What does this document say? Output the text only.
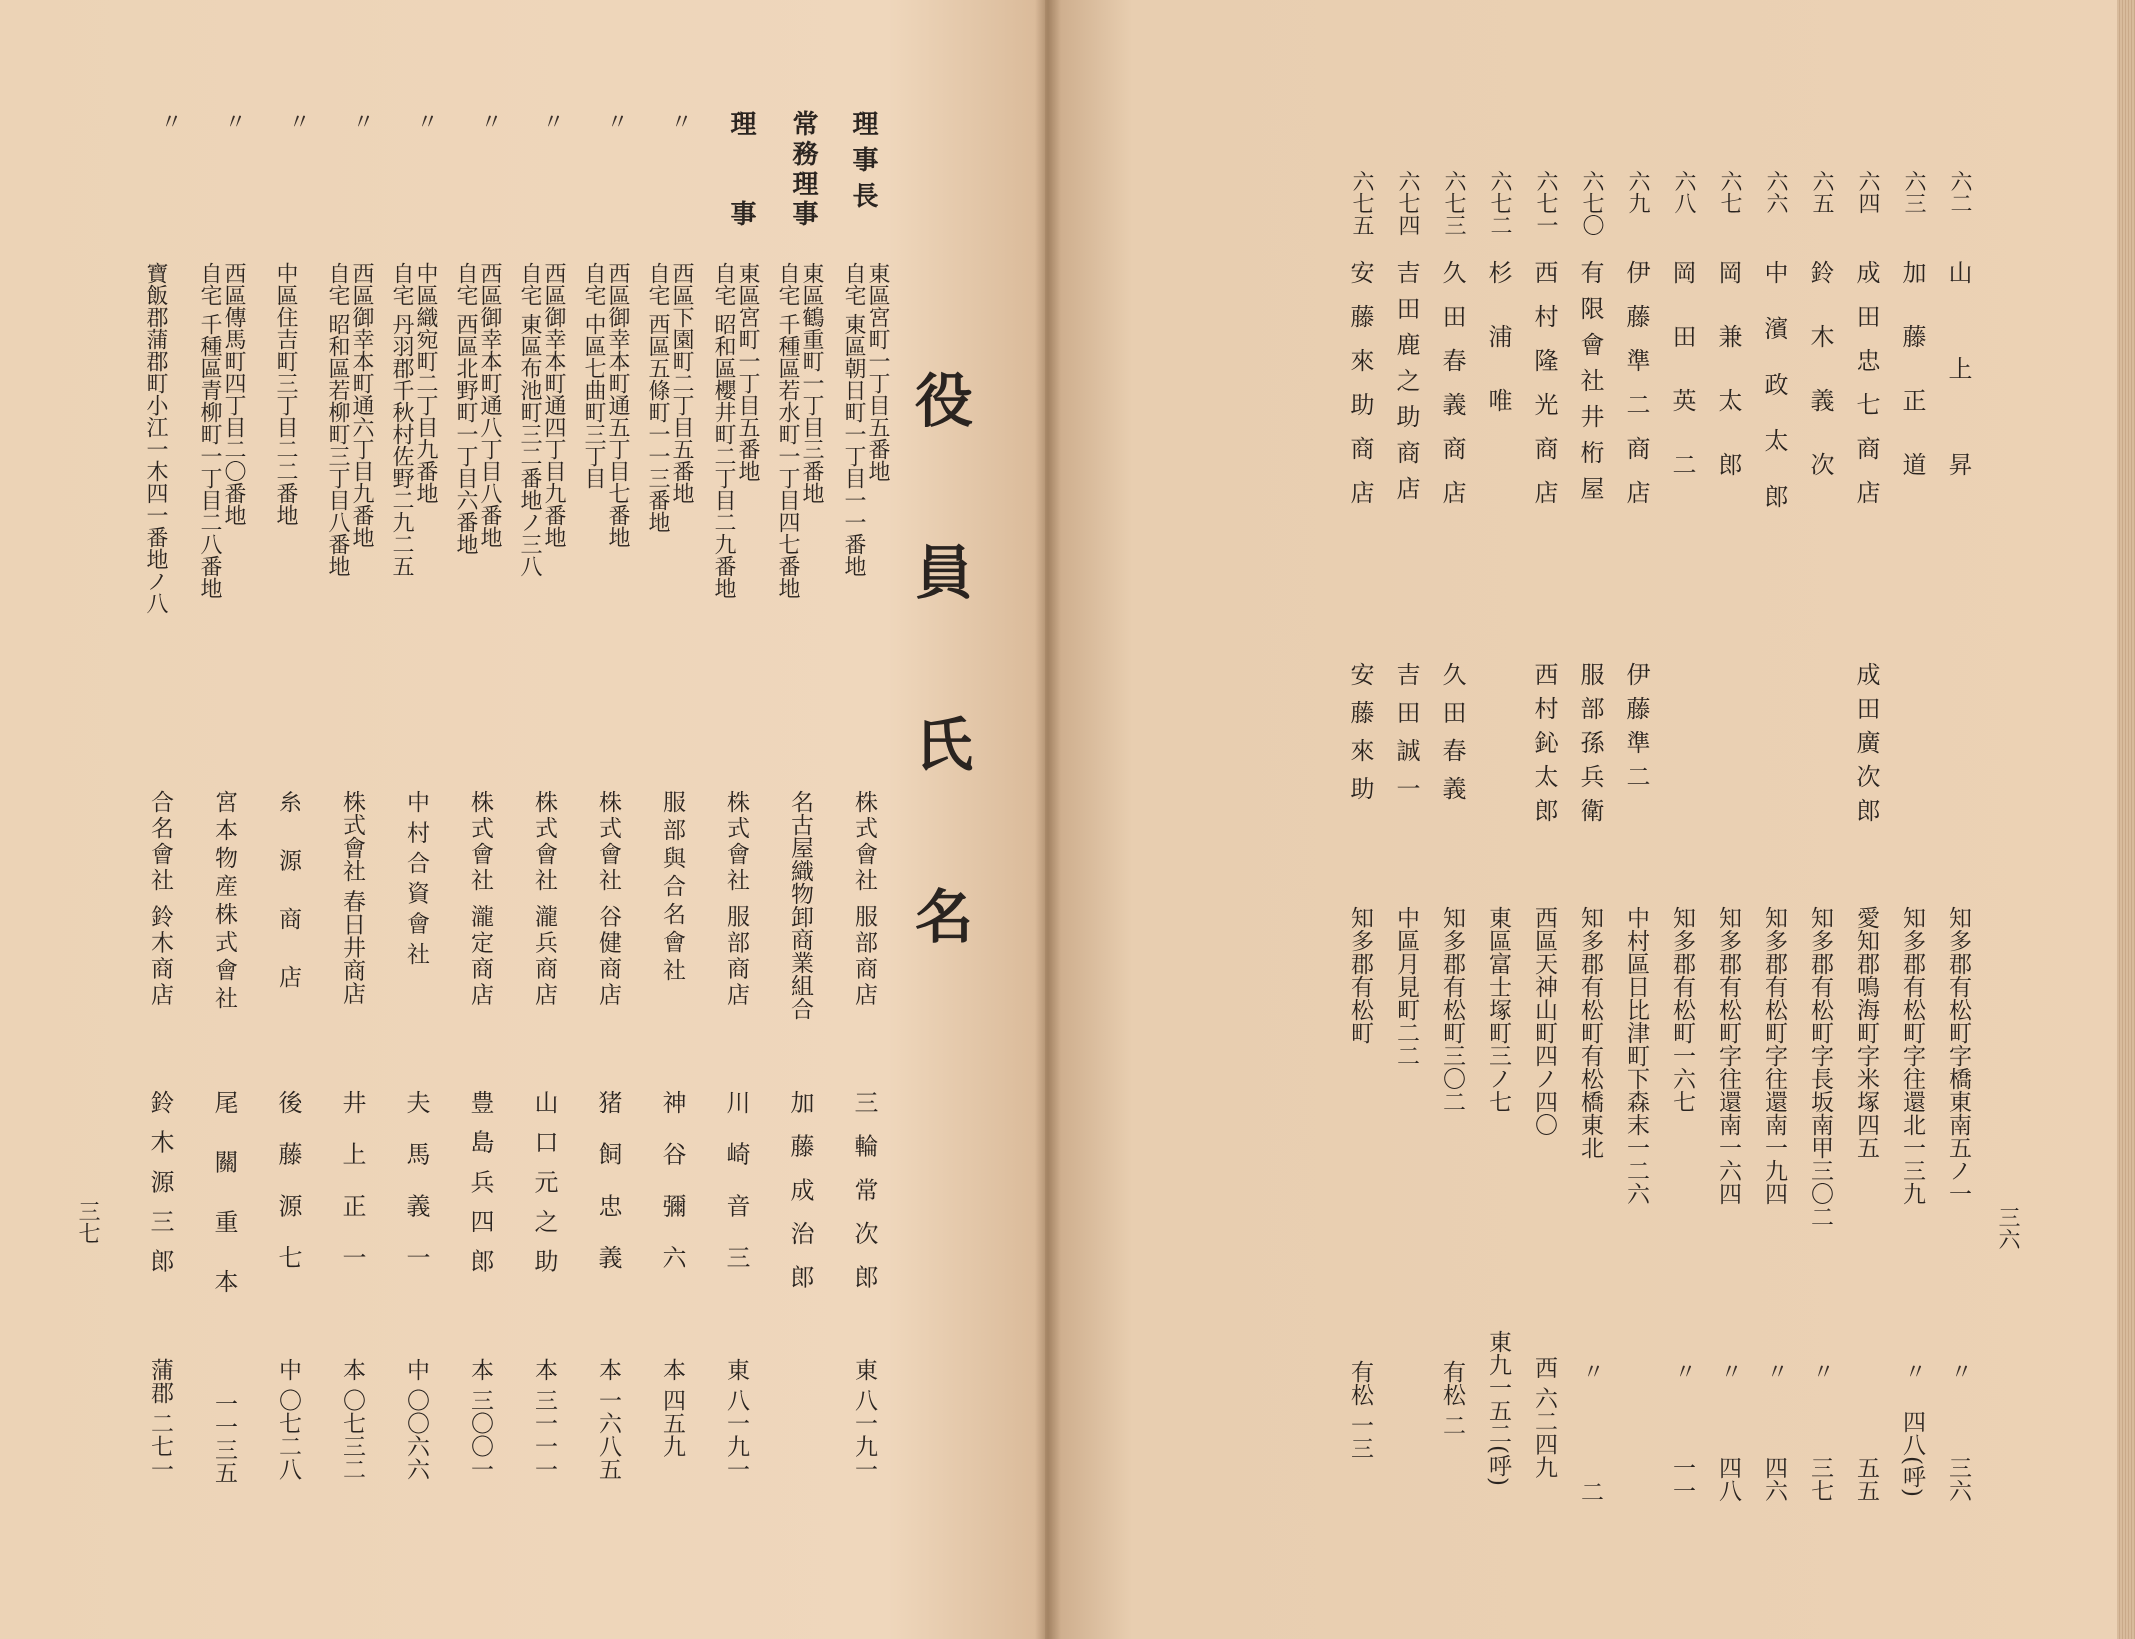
役　員　氏　名
理事長
常務理事
理　　事
〃
〃
〃
〃
〃
〃
〃
〃
〃
東區宮町一丁目五番地
自宅 東區朝日町一丁目一一番地
東區鶴重町一丁目三番地
自宅 千種區若水町一丁目四七番地
東區宮町一丁目五番地
自宅 昭和區櫻井町二丁目二九番地
西區下園町二丁目五番地
自宅 西區五條町一一三番地
西區御幸本町通五丁目七番地
自宅 中區七曲町三丁目
西區御幸本町通四丁目九番地
自宅 東區布池町三二番地ノ三八
西區御幸本町通八丁目八番地
自宅 西區北野町一丁目六番地
中區織宛町二丁目九番地
自宅 丹羽郡千秋村佐野二九二五
西區御幸本町通六丁目九番地
自宅 昭和區若柳町三丁目八番地
中區住吉町三丁目二二番地
西區傳馬町四丁目二〇番地
自宅 千種區青柳町一丁目二八番地
寶飯郡蒲郡町小江一木四一番地ノ八
株式會社 服部商店
名古屋織物卸商業組合
株式會社 服部商店
服部與合名會社
株式會社 谷健商店
株式會社 瀧兵商店
株式會社 瀧定商店
中 村 合 資 會 社
株式會社 春日井商店
糸 源 商 店
宮本物産株式會社
合名會社 鈴木商店
三 輪 常 次 郎
加 藤 成 治 郎
川 崎 音 三
神 谷 彌 六
猪 飼 忠 義
山 口 元 之 助
豊 島 兵 四 郎
夫 馬 義 一
井 上 正 一
後 藤 源 七
尾 關 重 本
鈴 木 源 三 郎
東 八一九一
東 八一九一
本 四五九
本 一六八五
本 三一一一
本 三〇〇一
中 〇〇六六
本 〇七三二
中 〇七二八
一一三五
蒲郡 二七一
三七
六二
六三
六四
六五
六六
六七
六八
六九
六七〇
六七一
六七二
六七三
六七四
六七五
山　　上　　昇
加　藤　正　道
成田忠七商店
鈴　木　義　次
中　濱　政　太　郎
岡　兼　太　郎
岡　田　英　二
伊藤準二商店
有限會社井桁屋
西村隆光商店
杉　浦　唯
久田春義商店
吉田鹿之助商店
安藤來助商店
成田廣次郎
伊藤準二
服部孫兵衛
西村鈊太郎
久田春義
吉田誠一
安藤來助
知多郡有松町字橋東南五ノ一
知多郡有松町字往還北一三九
愛知郡鳴海町字米塚四五
知多郡有松町字長坂南甲三〇二
知多郡有松町字往還南一九四
知多郡有松町字往還南一六四
知多郡有松町一六七
中村區日比津町下森末一二六
知多郡有松町有松橋東北
西區天神山町四ノ四〇
東區富士塚町三ノ七
知多郡有松町三〇二
中區月見町二二
知多郡有松町
〃
〃
〃
〃
〃
〃
〃
三六
四八(呼)
五五
三七
四六
四八
一一
二
西 六二四九
東九一五二(呼)
有松 二
有松 一三
三六
